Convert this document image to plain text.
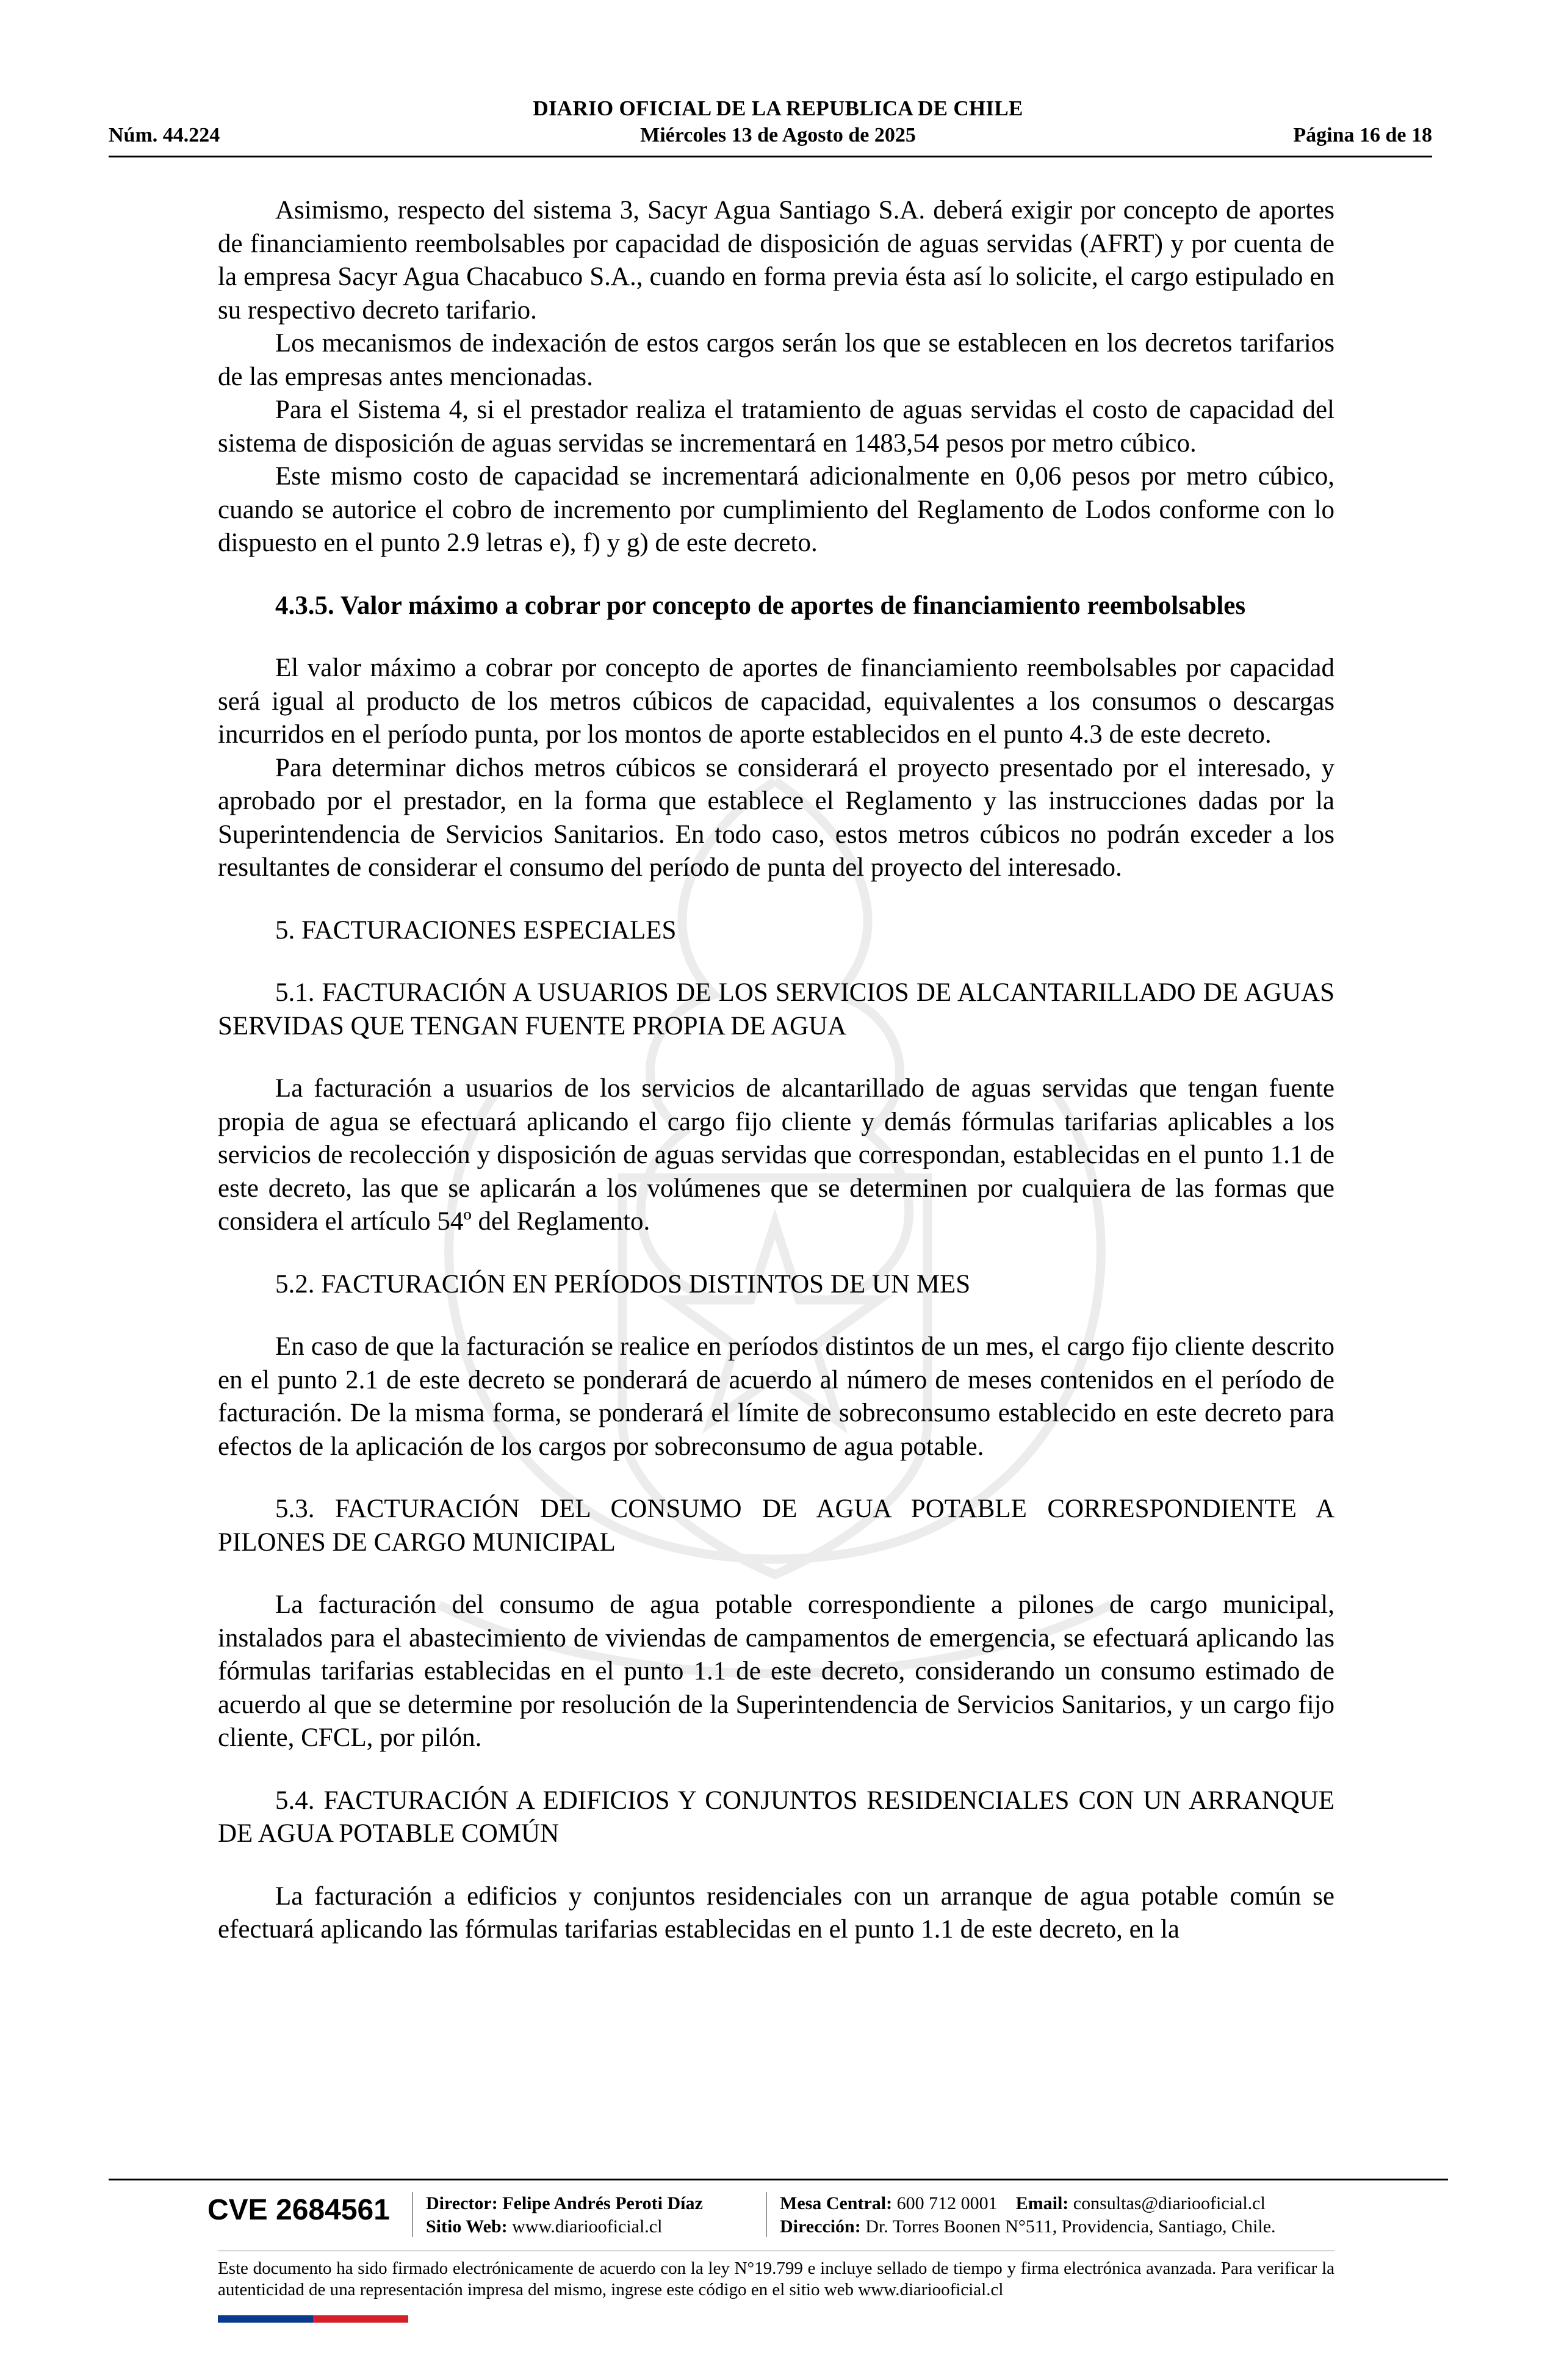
DIARIO OFICIAL DE LA REPUBLICA DE CHILE
Núm. 44.224	Miércoles 13 de Agosto de 2025	Página 16 de 18

Asimismo, respecto del sistema 3, Sacyr Agua Santiago S.A. deberá exigir por concepto de aportes de financiamiento reembolsables por capacidad de disposición de aguas servidas (AFRT) y por cuenta de la empresa Sacyr Agua Chacabuco S.A., cuando en forma previa ésta así lo solicite, el cargo estipulado en su respectivo decreto tarifario.

Los mecanismos de indexación de estos cargos serán los que se establecen en los decretos tarifarios de las empresas antes mencionadas.

Para el Sistema 4, si el prestador realiza el tratamiento de aguas servidas el costo de capacidad del sistema de disposición de aguas servidas se incrementará en 1483,54 pesos por metro cúbico.

Este mismo costo de capacidad se incrementará adicionalmente en 0,06 pesos por metro cúbico, cuando se autorice el cobro de incremento por cumplimiento del Reglamento de Lodos conforme con lo dispuesto en el punto 2.9 letras e), f) y g) de este decreto.

4.3.5. Valor máximo a cobrar por concepto de aportes de financiamiento reembolsables

El valor máximo a cobrar por concepto de aportes de financiamiento reembolsables por capacidad será igual al producto de los metros cúbicos de capacidad, equivalentes a los consumos o descargas incurridos en el período punta, por los montos de aporte establecidos en el punto 4.3 de este decreto.

Para determinar dichos metros cúbicos se considerará el proyecto presentado por el interesado, y aprobado por el prestador, en la forma que establece el Reglamento y las instrucciones dadas por la Superintendencia de Servicios Sanitarios. En todo caso, estos metros cúbicos no podrán exceder a los resultantes de considerar el consumo del período de punta del proyecto del interesado.

5. FACTURACIONES ESPECIALES
5.1. FACTURACIÓN A USUARIOS DE LOS SERVICIOS DE ALCANTARILLADO DE AGUAS SERVIDAS QUE TENGAN FUENTE PROPIA DE AGUA

La facturación a usuarios de los servicios de alcantarillado de aguas servidas que tengan fuente propia de agua se efectuará aplicando el cargo fijo cliente y demás fórmulas tarifarias aplicables a los servicios de recolección y disposición de aguas servidas que correspondan, establecidas en el punto 1.1 de este decreto, las que se aplicarán a los volúmenes que se determinen por cualquiera de las formas que considera el artículo 54º del Reglamento.

5.2. FACTURACIÓN EN PERÍODOS DISTINTOS DE UN MES

En caso de que la facturación se realice en períodos distintos de un mes, el cargo fijo cliente descrito en el punto 2.1 de este decreto se ponderará de acuerdo al número de meses contenidos en el período de facturación. De la misma forma, se ponderará el límite de sobreconsumo establecido en este decreto para efectos de la aplicación de los cargos por sobreconsumo de agua potable.

5.3. FACTURACIÓN DEL CONSUMO DE AGUA POTABLE CORRESPONDIENTE A PILONES DE CARGO MUNICIPAL

La facturación del consumo de agua potable correspondiente a pilones de cargo municipal, instalados para el abastecimiento de viviendas de campamentos de emergencia, se efectuará aplicando las fórmulas tarifarias establecidas en el punto 1.1 de este decreto, considerando un consumo estimado de acuerdo al que se determine por resolución de la Superintendencia de Servicios Sanitarios, y un cargo fijo cliente, CFCL, por pilón.

5.4. FACTURACIÓN A EDIFICIOS Y CONJUNTOS RESIDENCIALES CON UN ARRANQUE DE AGUA POTABLE COMÚN

La facturación a edificios y conjuntos residenciales con un arranque de agua potable común se efectuará aplicando las fórmulas tarifarias establecidas en el punto 1.1 de este decreto, en la

CVE 2684561 Director: Felipe Andrés Peroti Díaz
Sitio Web: www.diariooficial.cl
Mesa Central: 600 712 0001 Email: consultas@diariooficial.cl
Dirección: Dr. Torres Boonen N°511, Providencia, Santiago, Chile.
Este documento ha sido firmado electrónicamente de acuerdo con la ley N°19.799 e incluye sellado de tiempo y firma electrónica avanzada. Para verificar la autenticidad de una representación impresa del mismo, ingrese este código en el sitio web www.diariooficial.cl
